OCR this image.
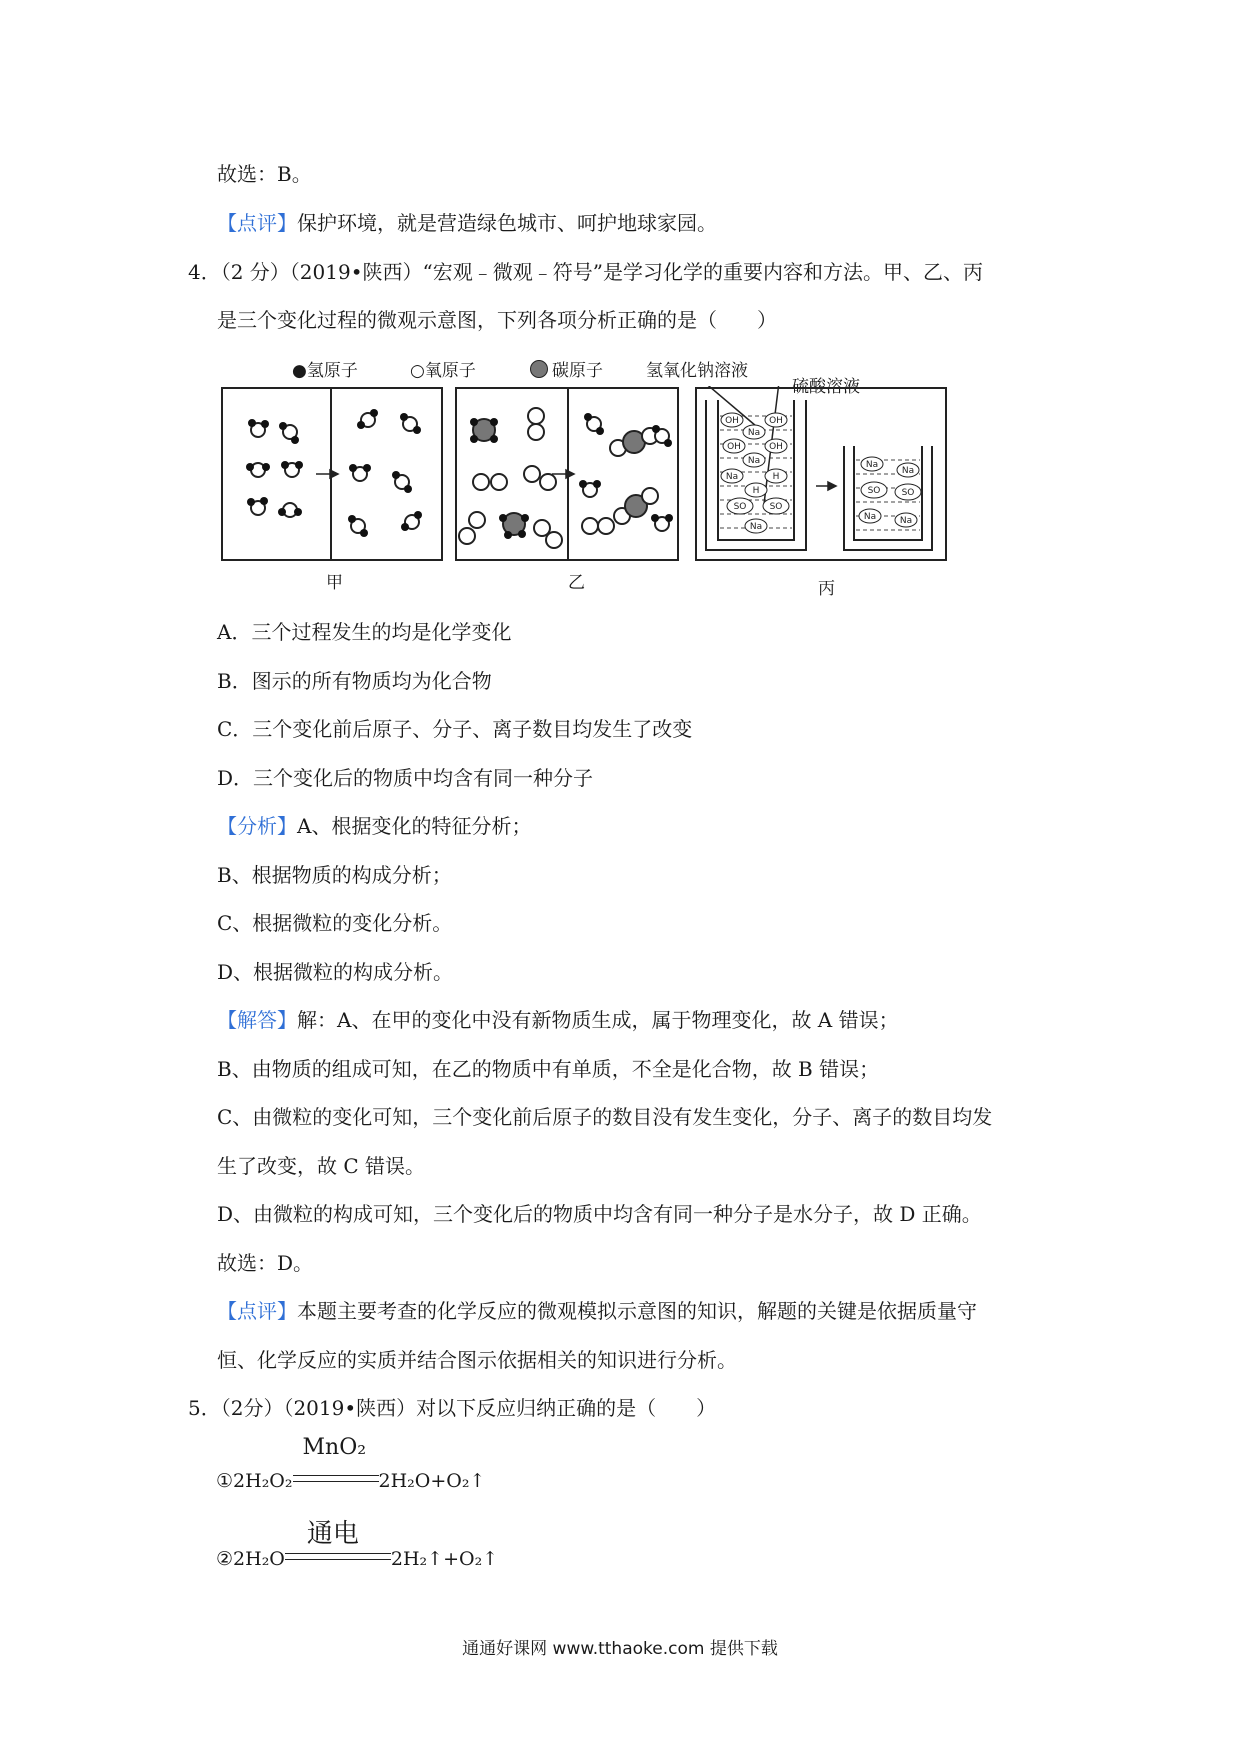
故选：B。
【点评】保护环境，就是营造绿色城市、呵护地球家园。
4．（2 分）（2019•陕西）“宏观﹣微观﹣符号”是学习化学的重要内容和方法。甲、乙、丙
是三个变化过程的微观示意图，下列各项分析正确的是（　　）
●氢原子	○氧原子	碳原子	氢氧化钠溶液
硫酸溶液
OH	OH
Na
OH	OH
Na
Na	H
SO	SO
H
Na
Na
Na
SO SO
Na	Na
甲	乙	丙
A．三个过程发生的均是化学变化
B．图示的所有物质均为化合物
C．三个变化前后原子、分子、离子数目均发生了改变
D．三个变化后的物质中均含有同一种分子
【分析】A、根据变化的特征分析；
B、根据物质的构成分析；
C、根据微粒的变化分析。
D、根据微粒的构成分析。
【解答】解：A、在甲的变化中没有新物质生成，属于物理变化，故 A 错误；
B、由物质的组成可知，在乙的物质中有单质，不全是化合物，故 B 错误；
C、由微粒的变化可知，三个变化前后原子的数目没有发生变化，分子、离子的数目均发
生了改变，故 C 错误。
D、由微粒的构成可知，三个变化后的物质中均含有同一种分子是水分子，故 D 正确。
故选：D。
【点评】本题主要考查的化学反应的微观模拟示意图的知识，解题的关键是依据质量守
恒、化学反应的实质并结合图示依据相关的知识进行分析。
5．（2分）（2019•陕西）对以下反应归纳正确的是（　　）
①2H₂O₂
MnO₂
2H₂O+O₂↑
②2H₂O
通电
2H₂↑+O₂↑
通通好课网 www.tthaoke.com 提供下载
